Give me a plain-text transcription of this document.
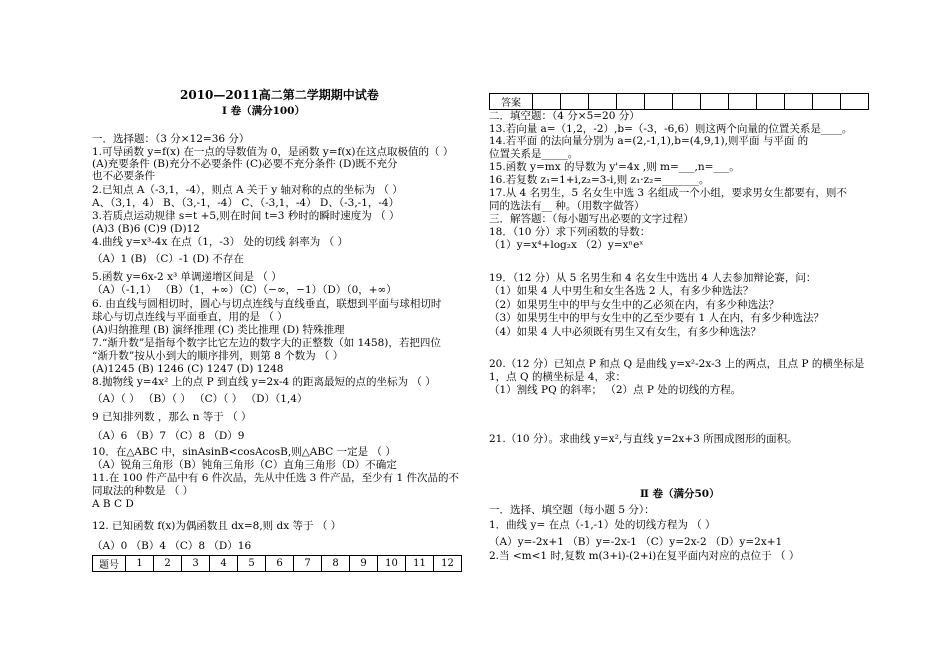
2010—2011高二第二学期期中试卷
Ⅰ 卷（满分100）
一．选择题：（3 分×12=36 分）
1.可导函数 y=f(x) 在一点的导数值为 0，是函数 y=f(x)在这点取极值的（ ）
(A)充要条件 (B)充分不必要条件 (C)必要不充分条件 (D)既不充分
也不必要条件
2.已知点 A（-3,1，-4），则点 A 关于 y 轴对称的点的坐标为 （ ）
A、（3,1，4） B、（3,-1，-4） C、（-3,1，-4） D、（-3,-1，-4）
3.若质点运动规律 s=t +5,则在时间 t=3 秒时的瞬时速度为 （ ）
(A)3 (B)6 (C)9 (D)12
4.曲线 y=x³-4x 在点（1，-3） 处的切线 斜率为 （ ）
（A）1 (B) （C）-1 (D) 不存在
5.函数 y=6x-2 x³ 单调递增区间是 （ ）
（A）（-1,1） （B）（1，+∞）（C）（−∞，−1）（D）（0，+∞）
6. 由直线与圆相切时，圆心与切点连线与直线垂直，联想到平面与球相切时
球心与切点连线与平面垂直，用的是 （ ）
(A)归纳推理 (B) 演绎推理 (C) 类比推理 (D) 特殊推理
7.“渐升数”是指每个数字比它左边的数字大的正整数（如 1458)，若把四位
“渐升数”按从小到大的顺序排列，则第 8 个数为 （ ）
(A)1245 (B) 1246 (C) 1247 (D) 1248
8.抛物线 y=4x² 上的点 P 到直线 y=2x-4 的距离最短的点的坐标为 （ ）
（A）（ ） （B）（ ） （C）（ ） （D）（1,4）
9 已知排列数 ，那么 n 等于 （ ）
（A）6 （B）7 （C）8 （D）9
10．在△ABC 中，sinAsinB<cosAcosB,则△ABC 一定是 （ ）
（A）锐角三角形（B）钝角三角形（C）直角三角形（D）不确定
11.在 100 件产品中有 6 件次品，先从中任选 3 件产品，至少有 1 件次品的不
同取法的种数是 （ ）
A B C D
12. 已知函数 f(x)为偶函数且 dx=8,则 dx 等于 （ ）
（A）0 （B）4 （C）8 （D）16
二．填空题：（4 分×5=20 分）
13.若向量 a=（1,2，-2）,b=（-3，-6,6）则这两个向量的位置关系是____。
14.若平面 的法向量分别为 a=(2,-1,1),b=(4,9,1),则平面 与平面 的
位置关系是_____。
15.函数 y=mx 的导数为 y'=4x ,则 m=___,n=___。
16.若复数 z₁=1+i,z₂=3-i,则 z₁·z₂=_______。
17.从 4 名男生，5 名女生中选 3 名组成一个小组，要求男女生都要有，则不
同的选法有__ 种。（用数字做答）
三．解答题：（每小题写出必要的文字过程）
18．（10 分）求下列函数的导数：
（1）y=x⁴+log₂x （2）y=xⁿeˣ
19．（12 分）从 5 名男生和 4 名女生中选出 4 人去参加辩论赛，问：
（1）如果 4 人中男生和女生各选 2 人，有多少种选法？
（2）如果男生中的甲与女生中的乙必须在内，有多少种选法？
（3）如果男生中的甲与女生中的乙至少要有 1 人在内，有多少种选法？
（4）如果 4 人中必须既有男生又有女生，有多少种选法？
20.（12 分）已知点 P 和点 Q 是曲线 y=x²-2x-3 上的两点，且点 P 的横坐标是
1，点 Q 的横坐标是 4，求：
（1）割线 PQ 的斜率； （2）点 P 处的切线的方程。
21.（10 分）。求曲线 y=x²,与直线 y=2x+3 所围成图形的面积。
一．选择、填空题（每小题 5 分）：
1．曲线 y= 在点（-1,-1）处的切线方程为 （ ）
（A）y=-2x+1 （B）y=-2x-1 （C）y=2x-2 （D）y=2x+1
2.当 <m<1 时,复数 m(3+i)-(2+i)在复平面内对应的点位于 （ ）
Ⅱ 卷（满分50）
答案												
题号	1	2	3	4	5	6	7	8	9	10	11	12
